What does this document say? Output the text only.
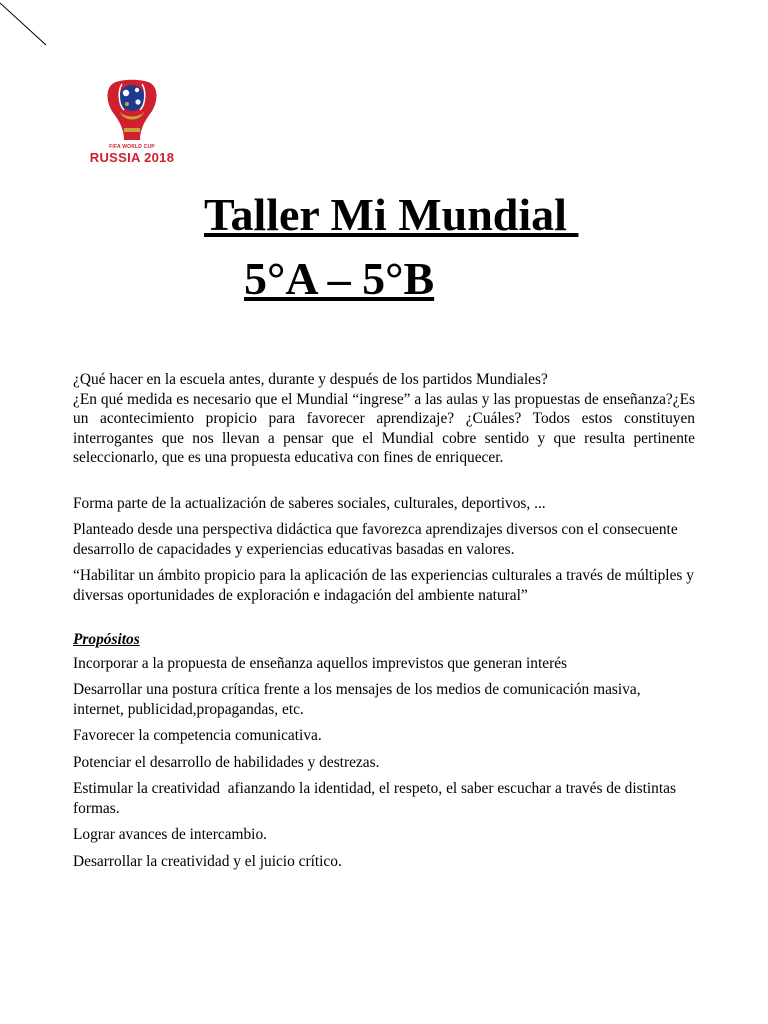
FIFA WORLD CUP
RUSSIA 2018
Taller Mi Mundial
5°A – 5°B

¿Qué hacer en la escuela antes, durante y después de los partidos Mundiales?

¿En qué medida es necesario que el Mundial “ingrese” a las aulas y las propuestas de enseñanza?¿Es un acontecimiento propicio para favorecer aprendizaje? ¿Cuáles? Todos estos constituyen interrogantes que nos llevan a pensar que el Mundial cobre sentido y que resulta pertinente seleccionarlo, que es una propuesta educativa con fines de enriquecer.

Forma parte de la actualización de saberes sociales, culturales, deportivos, ...

Planteado desde una perspectiva didáctica que favorezca aprendizajes diversos con el consecuente desarrollo de capacidades y experiencias educativas basadas en valores.

“Habilitar un ámbito propicio para la aplicación de las experiencias culturales a través de múltiples y diversas oportunidades de exploración e indagación del ambiente natural”

Propósitos

Incorporar a la propuesta de enseñanza aquellos imprevistos que generan interés

Desarrollar una postura crítica frente a los mensajes de los medios de comunicación masiva, internet, publicidad,propagandas, etc.

Favorecer la competencia comunicativa.

Potenciar el desarrollo de habilidades y destrezas.

Estimular la creatividad  afianzando la identidad, el respeto, el saber escuchar a través de distintas formas.

Lograr avances de intercambio.

Desarrollar la creatividad y el juicio crítico.
